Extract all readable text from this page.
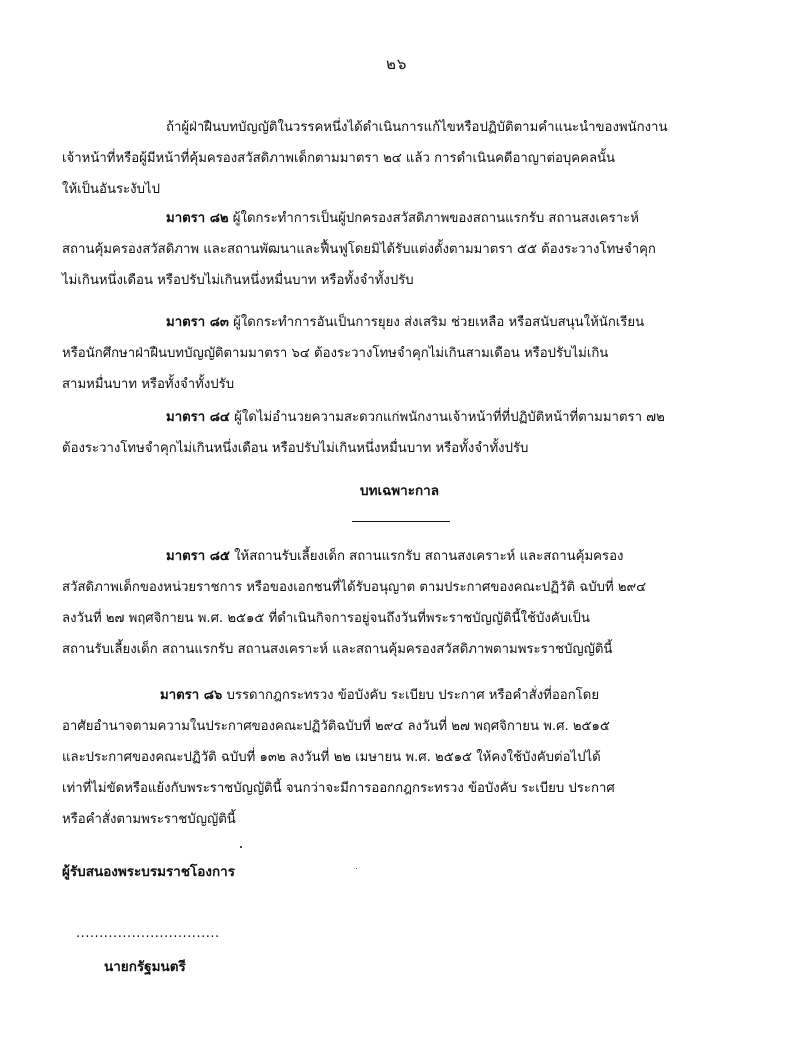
๒๖
ถ้าผู้ฝ่าฝืนบทบัญญัติในวรรคหนึ่งได้ดำเนินการแก้ไขหรือปฏิบัติตามคำแนะนำของพนักงาน
เจ้าหน้าที่หรือผู้มีหน้าที่คุ้มครองสวัสดิภาพเด็กตามมาตรา ๒๔ แล้ว การดำเนินคดีอาญาต่อบุคคลนั้น
ให้เป็นอันระงับไป
มาตรา ๘๒ ผู้ใดกระทำการเป็นผู้ปกครองสวัสดิภาพของสถานแรกรับ สถานสงเคราะห์
สถานคุ้มครองสวัสดิภาพ และสถานพัฒนาและฟื้นฟูโดยมิได้รับแต่งตั้งตามมาตรา ๕๕ ต้องระวางโทษจำคุก
ไม่เกินหนึ่งเดือน หรือปรับไม่เกินหนึ่งหมื่นบาท หรือทั้งจำทั้งปรับ
มาตรา ๘๓ ผู้ใดกระทำการอันเป็นการยุยง ส่งเสริม ช่วยเหลือ หรือสนับสนุนให้นักเรียน
หรือนักศึกษาฝ่าฝืนบทบัญญัติตามมาตรา ๖๔ ต้องระวางโทษจำคุกไม่เกินสามเดือน หรือปรับไม่เกิน
สามหมื่นบาท หรือทั้งจำทั้งปรับ
มาตรา ๘๔ ผู้ใดไม่อำนวยความสะดวกแก่พนักงานเจ้าหน้าที่ที่ปฏิบัติหน้าที่ตามมาตรา ๗๒
ต้องระวางโทษจำคุกไม่เกินหนึ่งเดือน หรือปรับไม่เกินหนึ่งหมื่นบาท หรือทั้งจำทั้งปรับ
บทเฉพาะกาล
มาตรา ๘๕ ให้สถานรับเลี้ยงเด็ก สถานแรกรับ สถานสงเคราะห์ และสถานคุ้มครอง
สวัสดิภาพเด็กของหน่วยราชการ หรือของเอกชนที่ได้รับอนุญาต ตามประกาศของคณะปฏิวัติ ฉบับที่ ๒๙๔
ลงวันที่ ๒๗ พฤศจิกายน พ.ศ. ๒๕๑๕ ที่ดำเนินกิจการอยู่จนถึงวันที่พระราชบัญญัตินี้ใช้บังคับเป็น
สถานรับเลี้ยงเด็ก สถานแรกรับ สถานสงเคราะห์ และสถานคุ้มครองสวัสดิภาพตามพระราชบัญญัตินี้
มาตรา ๘๖ บรรดากฎกระทรวง ข้อบังคับ ระเบียบ ประกาศ หรือคำสั่งที่ออกโดย
อาศัยอำนาจตามความในประกาศของคณะปฏิวัติฉบับที่ ๒๙๔ ลงวันที่ ๒๗ พฤศจิกายน พ.ศ. ๒๕๑๕
และประกาศของคณะปฏิวัติ ฉบับที่ ๑๓๒ ลงวันที่ ๒๒ เมษายน พ.ศ. ๒๕๑๕ ให้คงใช้บังคับต่อไปได้
เท่าที่ไม่ขัดหรือแย้งกับพระราชบัญญัตินี้ จนกว่าจะมีการออกกฎกระทรวง ข้อบังคับ ระเบียบ ประกาศ
หรือคำสั่งตามพระราชบัญญัตินี้
ผู้รับสนองพระบรมราชโองการ
...............................
นายกรัฐมนตรี
